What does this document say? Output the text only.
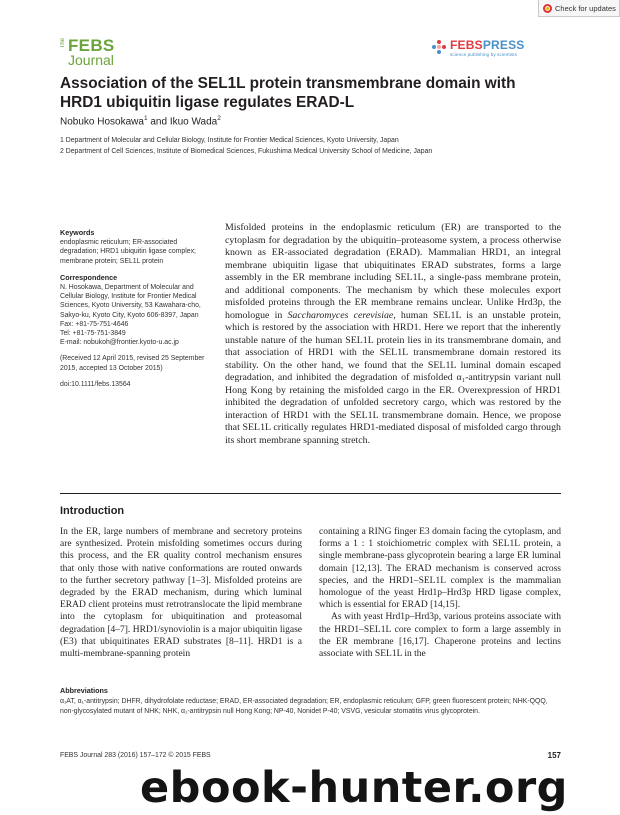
Check for updates
The FEBS
Journal
FEBSPRESS
science publishing by scientists
Association of the SEL1L protein transmembrane domain with HRD1 ubiquitin ligase regulates ERAD-L
Nobuko Hosokawa$^1$ and Ikuo Wada$^2$
1 Department of Molecular and Cellular Biology, Institute for Frontier Medical Sciences, Kyoto University, Japan
2 Department of Cell Sciences, Institute of Biomedical Sciences, Fukushima Medical University School of Medicine, Japan
Keywords

endoplasmic reticulum; ER-associated degradation; HRD1 ubiquitin ligase complex; membrane protein; SEL1L protein

Correspondence

N. Hosokawa, Department of Molecular and Cellular Biology, Institute for Frontier Medical Sciences, Kyoto University, 53 Kawahara-cho, Sakyo-ku, Kyoto City, Kyoto 606-8397, Japan

Fax: +81-75-751-4646

Tel: +81-75-751-3849

E-mail: nobukoh@frontier.kyoto-u.ac.jp

(Received 12 April 2015, revised 25 September 2015, accepted 13 October 2015)

doi:10.1111/febs.13564

Misfolded proteins in the endoplasmic reticulum (ER) are transported to the cytoplasm for degradation by the ubiquitin–proteasome system, a process otherwise known as ER-associated degradation (ERAD). Mammalian HRD1, an integral membrane ubiquitin ligase that ubiquitinates ERAD substrates, forms a large assembly in the ER membrane including SEL1L, a single-pass membrane protein, and additional components. The mechanism by which these molecules export misfolded proteins through the ER membrane remains unclear. Unlike Hrd3p, the homologue in Saccharomyces cerevisiae, human SEL1L is an unstable protein, which is restored by the association with HRD1. Here we report that the inherently unstable nature of the human SEL1L protein lies in its transmembrane domain, and that association of HRD1 with the SEL1L transmembrane domain restored its stability. On the other hand, we found that the SEL1L luminal domain escaped degradation, and inhibited the degradation of misfolded α₁-antitrypsin variant null Hong Kong by retaining the misfolded cargo in the ER. Overexpression of HRD1 inhibited the degradation of unfolded secretory cargo, which was restored by the interaction of HRD1 with the SEL1L transmembrane domain. Hence, we propose that SEL1L critically regulates HRD1-mediated disposal of misfolded cargo through its short membrane spanning stretch.
Introduction
In the ER, large numbers of membrane and secretory proteins are synthesized. Protein misfolding sometimes occurs during this process, and the ER quality control mechanism ensures that only those with native conformations are routed onwards to the further secretory pathway [1–3]. Misfolded proteins are degraded by the ERAD mechanism, during which luminal ERAD client proteins must retrotranslocate the lipid membrane into the cytoplasm for ubiquitination and proteasomal degradation [4–7]. HRD1/synoviolin is a major ubiquitin ligase (E3) that ubiquitinates ERAD substrates [8–11]. HRD1 is a multi-membrane-spanning protein

containing a RING finger E3 domain facing the cytoplasm, and forms a 1 : 1 stoichiometric complex with SEL1L protein, a single membrane-pass glycoprotein bearing a large ER luminal domain [12,13]. The ERAD mechanism is conserved across species, and the HRD1–SEL1L complex is the mammalian homologue of the yeast Hrd1p–Hrd3p HRD ligase complex, which is essential for ERAD [14,15].

As with yeast Hrd1p–Hrd3p, various proteins associate with the HRD1–SEL1L core complex to form a large assembly in the ER membrane [16,17]. Chaperone proteins and lectins associate with SEL1L in the

Abbreviations

α₁AT, α₁-antitrypsin; DHFR, dihydrofolate reductase; ERAD, ER-associated degradation; ER, endoplasmic reticulum; GFP, green fluorescent protein; NHK-QQQ, non-glycosylated mutant of NHK; NHK, α₁-antitrypsin null Hong Kong; NP-40, Nonidet P-40; VSVG, vesicular stomatitis virus glycoprotein.

FEBS Journal 283 (2016) 157–172 © 2015 FEBS	157
ebook-hunter.org
